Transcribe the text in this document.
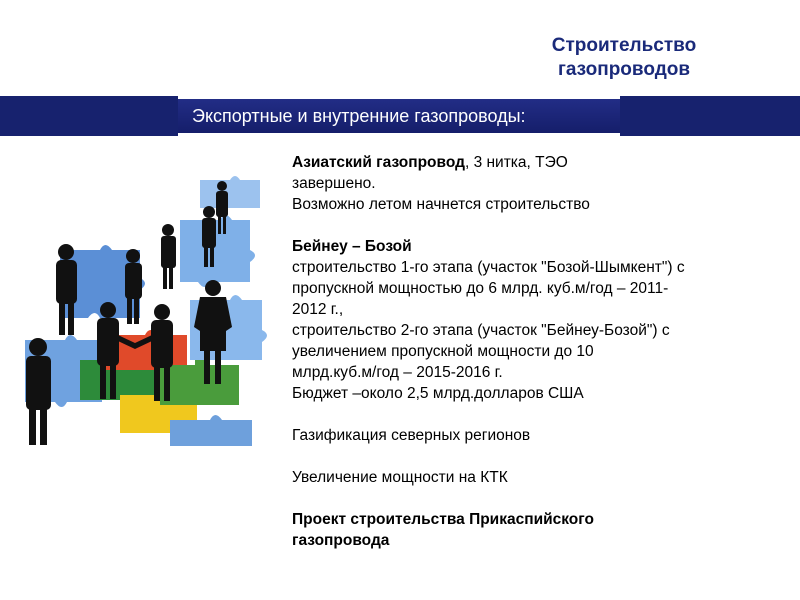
Строительство
газопроводов
Экспортные и внутренние газопроводы:

Азиатский газопровод, 3 нитка, ТЭО
завершено.
Возможно летом начнется строительство

Бейнеу – Бозой
строительство 1-го этапа (участок "Бозой-Шымкент") с
пропускной мощностью до 6 млрд. куб.м/год – 2011-
2012 г.,
строительство 2-го этапа (участок "Бейнеу-Бозой") с
увеличением пропускной мощности до 10
млрд.куб.м/год – 2015-2016 г.
Бюджет –около 2,5 млрд.долларов США

Газификация северных регионов

Увеличение мощности на КТК

Проект строительства Прикаспийского
газопровода
